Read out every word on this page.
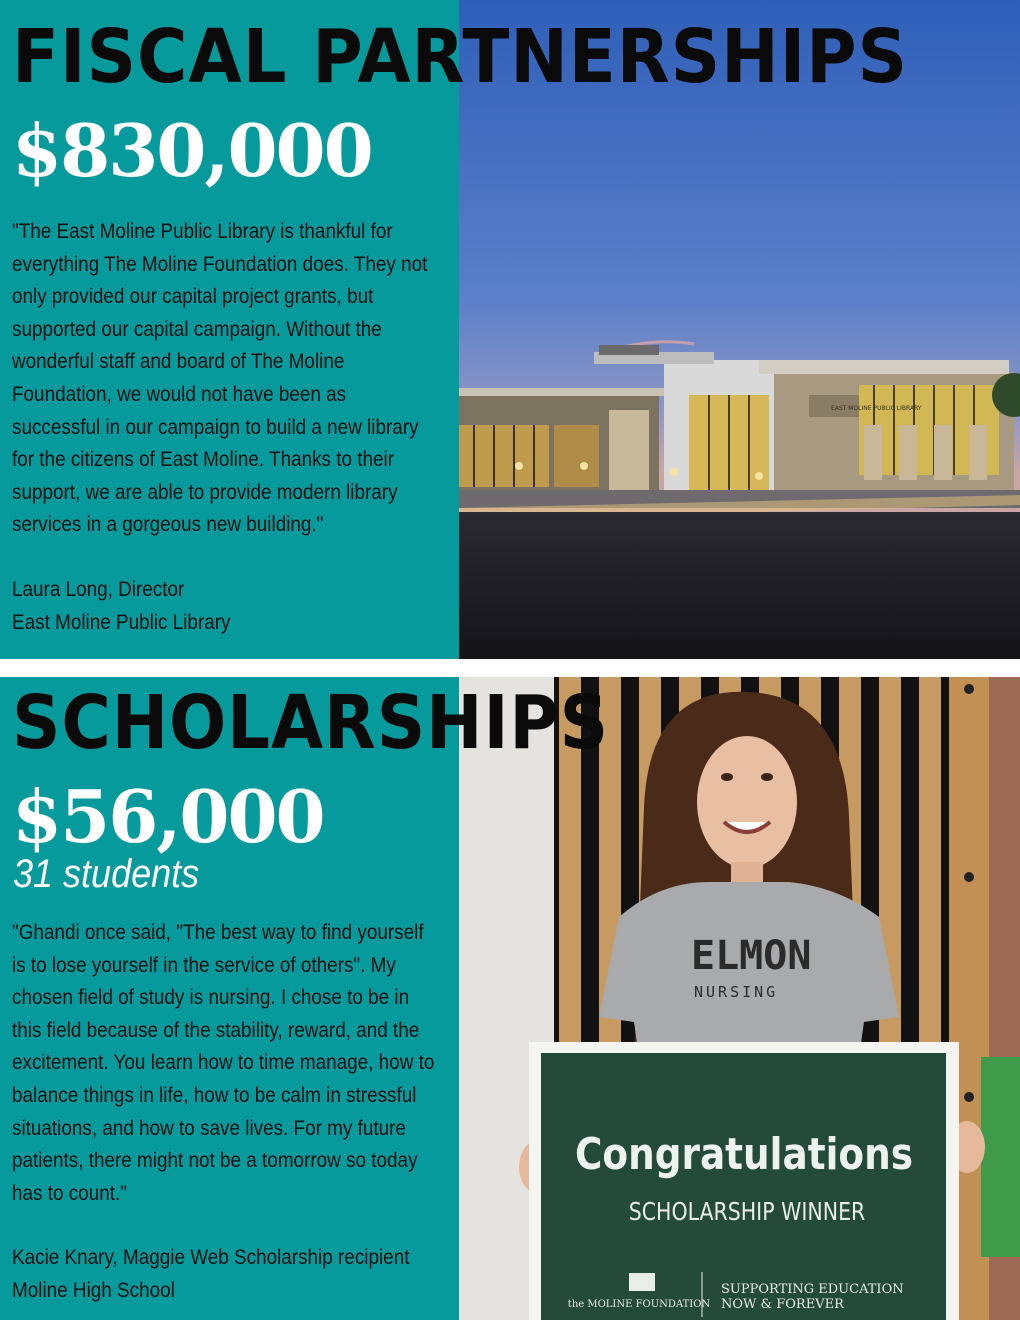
EAST MOLINE PUBLIC LIBRARY
FISCAL PARTNERSHIPS
$830,000

"The East Moline Public Library is thankful for everything The Moline Foundation does. They not only provided our capital project grants, but supported our capital campaign. Without the wonderful staff and board of The Moline Foundation, we would not have been as successful in our campaign to build a new library for the citizens of East Moline. Thanks to their support, we are able to provide modern library services in a gorgeous new building."

Laura Long, Director
East Moline Public Library
ELMON
NURSING
Congratulations
SCHOLARSHIP WINNER
the MOLINE FOUNDATION
SUPPORTING EDUCATION
NOW & FOREVER
SCHOLARSHIPS
$56,000
31 students

"Ghandi once said, "The best way to find yourself is to lose yourself in the service of others". My chosen field of study is nursing. I chose to be in this field because of the stability, reward, and the excitement. You learn how to time manage, how to balance things in life, how to be calm in stressful situations, and how to save lives. For my future patients, there might not be a tomorrow so today has to count."

Kacie Knary, Maggie Web Scholarship recipient
Moline High School
